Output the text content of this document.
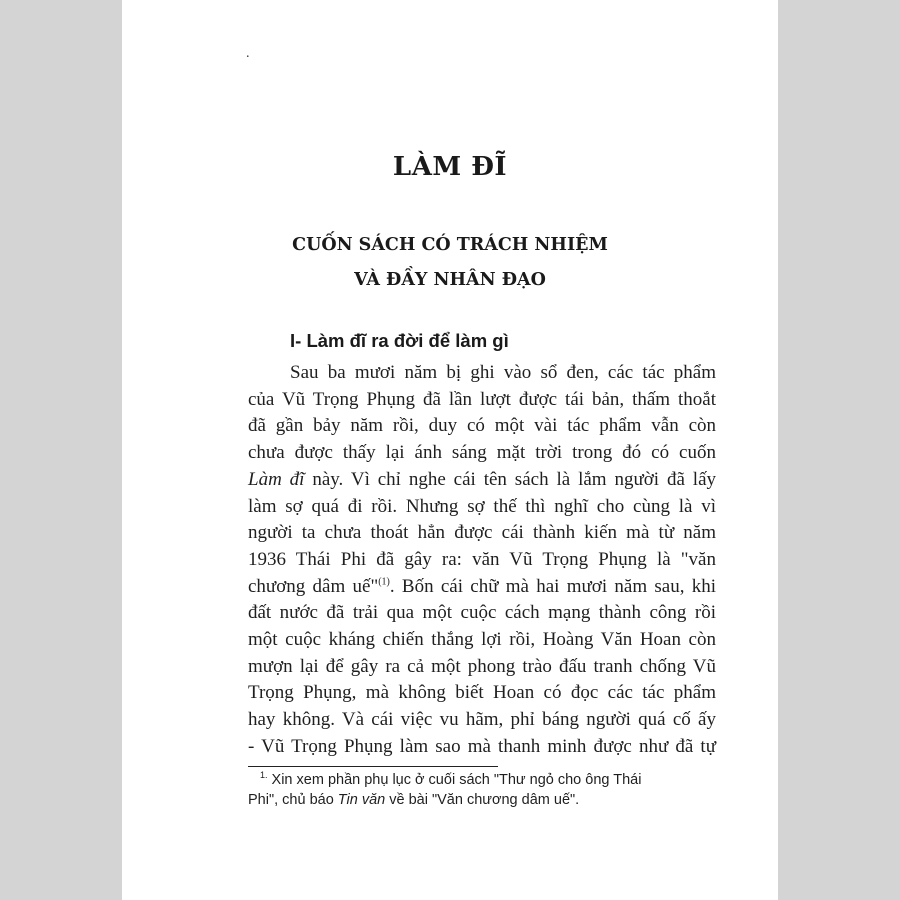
.
LÀM ĐĨ
CUỐN SÁCH CÓ TRÁCH NHIỆM
VÀ ĐẦY NHÂN ĐẠO
I- Làm đĩ ra đời để làm gì
Sau ba mươi năm bị ghi vào sổ đen, các tác phẩm
của Vũ Trọng Phụng đã lần lượt được tái bản, thấm thoắt
đã gần bảy năm rồi, duy có một vài tác phẩm vẫn còn
chưa được thấy lại ánh sáng mặt trời trong đó có cuốn
Làm đĩ này. Vì chỉ nghe cái tên sách là lắm người đã lấy
làm sợ quá đi rồi. Nhưng sợ thế thì nghĩ cho cùng là vì
người ta chưa thoát hẳn được cái thành kiến mà từ năm
1936 Thái Phi đã gây ra: văn Vũ Trọng Phụng là "văn
chương dâm uế"$^{(1)}$. Bốn cái chữ mà hai mươi năm sau, khi
đất nước đã trải qua một cuộc cách mạng thành công rồi
một cuộc kháng chiến thắng lợi rồi, Hoàng Văn Hoan còn
mượn lại để gây ra cả một phong trào đấu tranh chống Vũ
Trọng Phụng, mà không biết Hoan có đọc các tác phẩm
hay không. Và cái việc vu hãm, phỉ báng người quá cố ấy
- Vũ Trọng Phụng làm sao mà thanh minh được như đã tự
$^{1.}$ Xin xem phần phụ lục ở cuối sách "Thư ngỏ cho ông Thái
Phi", chủ báo Tin văn về bài "Văn chương dâm uế".
